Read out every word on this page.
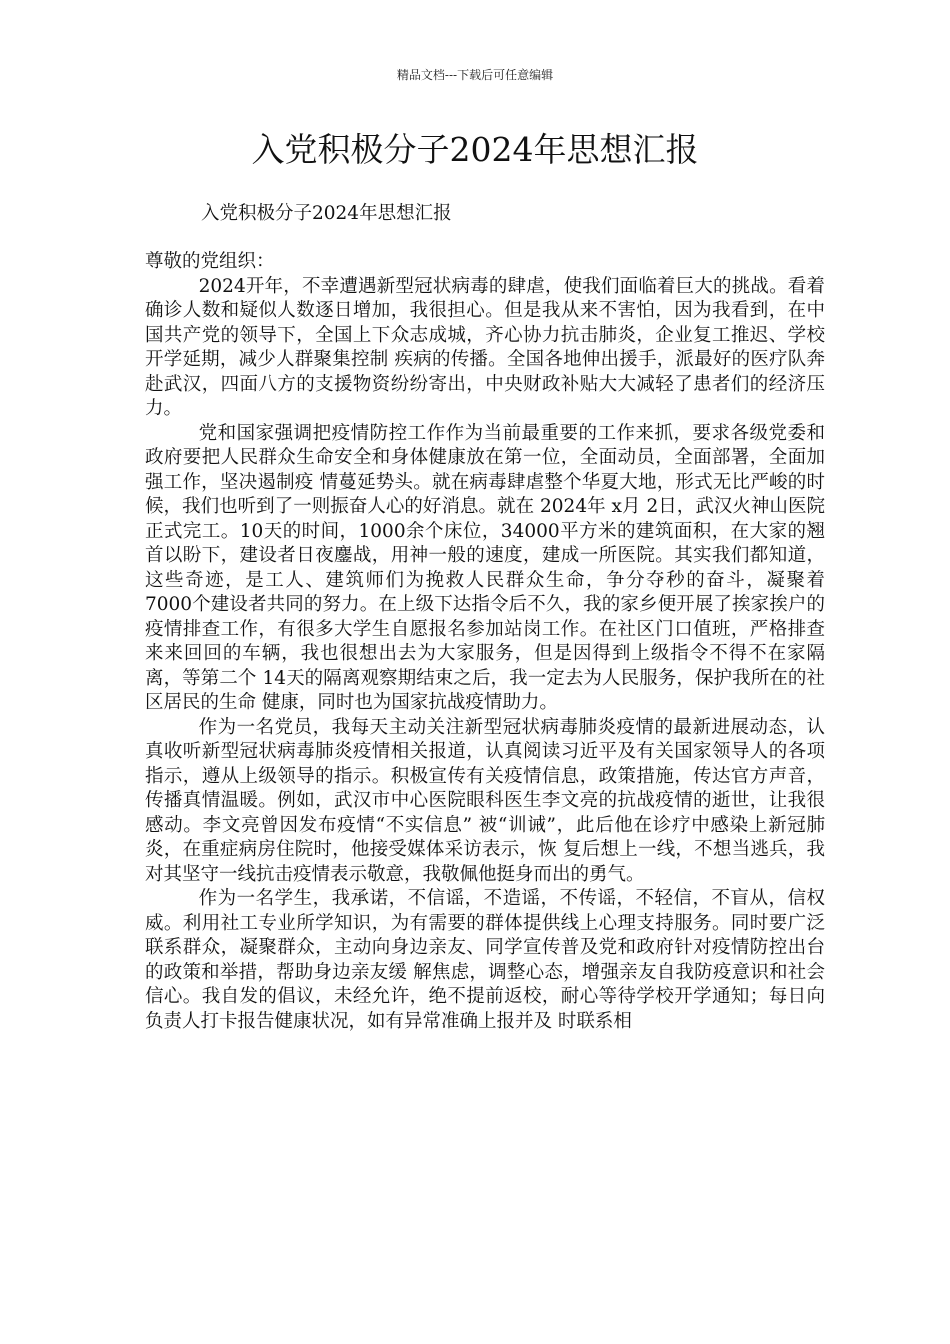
精品文档---下载后可任意编辑
入党积极分子2024年思想汇报
入党积极分子2024年思想汇报

尊敬的党组织：

2024开年，不幸遭遇新型冠状病毒的肆虐，使我们面临着巨大的挑战。看着确诊人数和疑似人数逐日增加，我很担心。但是我从来不害怕，因为我看到，在中国共产党的领导下，全国上下众志成城，齐心协力抗击肺炎，企业复工推迟、学校开学延期，减少人群聚集控制 疾病的传播。全国各地伸出援手，派最好的医疗队奔赴武汉，四面八方的支援物资纷纷寄出，中央财政补贴大大减轻了患者们的经济压力。

党和国家强调把疫情防控工作作为当前最重要的工作来抓，要求各级党委和政府要把人民群众生命安全和身体健康放在第一位，全面动员，全面部署，全面加强工作，坚决遏制疫 情蔓延势头。就在病毒肆虐整个华夏大地，形式无比严峻的时候，我们也听到了一则振奋人心的好消息。就在 2024年 x月 2日，武汉火神山医院正式完工。10天的时间，1000余个床位，34000平方米的建筑面积，在大家的翘首以盼下，建设者日夜鏖战，用神一般的速度，建成一所医院。其实我们都知道，这些奇迹，是工人、建筑师们为挽救人民群众生命，争分夺秒的奋斗，凝聚着 7000个建设者共同的努力。在上级下达指令后不久，我的家乡便开展了挨家挨户的疫情排查工作，有很多大学生自愿报名参加站岗工作。在社区门口值班，严格排查来来回回的车辆，我也很想出去为大家服务，但是因得到上级指令不得不在家隔离，等第二个 14天的隔离观察期结束之后，我一定去为人民服务，保护我所在的社区居民的生命 健康，同时也为国家抗战疫情助力。

作为一名党员，我每天主动关注新型冠状病毒肺炎疫情的最新进展动态，认真收听新型冠状病毒肺炎疫情相关报道，认真阅读习近平及有关国家领导人的各项指示，遵从上级领导的指示。积极宣传有关疫情信息，政策措施，传达官方声音，传播真情温暖。例如，武汉市中心医院眼科医生李文亮的抗战疫情的逝世，让我很感动。李文亮曾因发布疫情“不实信息” 被“训诫”，此后他在诊疗中感染上新冠肺炎，在重症病房住院时，他接受媒体采访表示，恢 复后想上一线，不想当逃兵，我对其坚守一线抗击疫情表示敬意，我敬佩他挺身而出的勇气。

作为一名学生，我承诺，不信谣，不造谣，不传谣，不轻信，不盲从，信权威。利用社工专业所学知识，为有需要的群体提供线上心理支持服务。同时要广泛联系群众，凝聚群众，主动向身边亲友、同学宣传普及党和政府针对疫情防控出台的政策和举措，帮助身边亲友缓 解焦虑，调整心态，增强亲友自我防疫意识和社会信心。我自发的倡议，未经允许，绝不提前返校，耐心等待学校开学通知；每日向负责人打卡报告健康状况，如有异常准确上报并及 时联系相
